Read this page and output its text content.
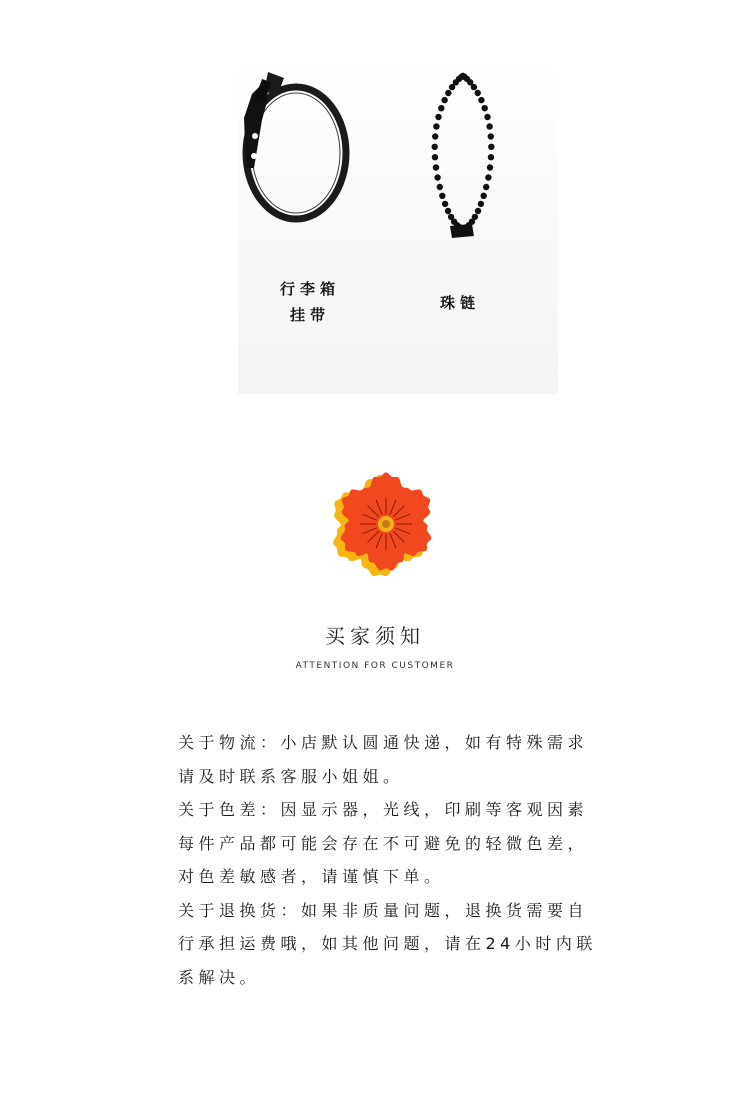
行李箱
挂带
珠链
买家须知
ATTENTION FOR CUSTOMER

关于物流：小店默认圆通快递，如有特殊需求

请及时联系客服小姐姐。

关于色差：因显示器，光线，印刷等客观因素

每件产品都可能会存在不可避免的轻微色差，

对色差敏感者，请谨慎下单。

关于退换货：如果非质量问题，退换货需要自

行承担运费哦，如其他问题，请在24小时内联

系解决。
